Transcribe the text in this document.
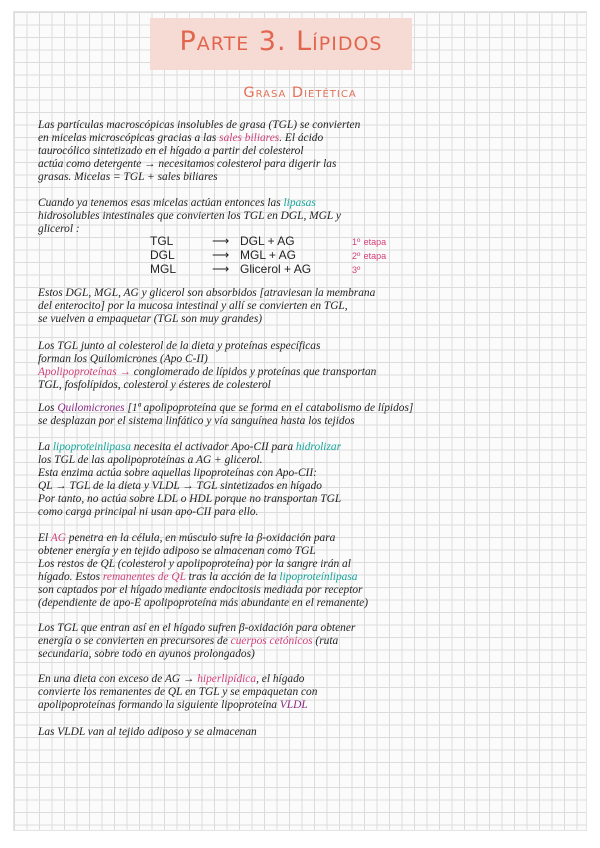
Parte 3. Lípidos
Grasa Dietética
Las partículas macroscópicas insolubles de grasa (TGL) se convierten
en micelas microscópicas gracias a las sales biliares. El ácido
taurocólico sintetizado en el hígado a partir del colesterol
actúa como detergente → necesitamos colesterol para digerir las
grasas. Micelas = TGL + sales biliares
Cuando ya tenemos esas micelas actúan entonces las lipasas
hidrosolubles intestinales que convierten los TGL en DGL, MGL y
glicerol :
TGL	⟶ DGL + AG	1º etapa
DGL	⟶ MGL + AG	2º etapa
MGL	⟶ Glicerol + AG	3º
Estos DGL, MGL, AG y glicerol son absorbidos [atraviesan la membrana
del enterocito] por la mucosa intestinal y allí se convierten en TGL,
se vuelven a empaquetar (TGL son muy grandes)
Los TGL junto al colesterol de la dieta y proteínas específicas
forman los Quilomicrones (Apo C-II)
Apolipoproteínas → conglomerado de lípidos y proteínas que transportan
TGL, fosfolípidos, colesterol y ésteres de colesterol
Los Quilomicrones [1ª apolipoproteína que se forma en el catabolismo de lípidos]
se desplazan por el sistema linfático y vía sanguínea hasta los tejidos
La lipoproteinlipasa necesita el activador Apo-CII para hidrolizar
los TGL de las apolipoproteínas a AG + glicerol.
Esta enzima actúa sobre aquellas lipoproteínas con Apo-CII:
QL → TGL de la dieta y VLDL → TGL sintetizados en hígado
Por tanto, no actúa sobre LDL o HDL porque no transportan TGL
como carga principal ni usan apo-CII para ello.
El AG penetra en la célula, en músculo sufre la β-oxidación para
obtener energía y en tejido adiposo se almacenan como TGL
Los restos de QL (colesterol y apolipoproteína) por la sangre irán al
hígado. Estos remanentes de QL tras la acción de la lipoproteínlipasa
son captados por el hígado mediante endocitosis mediada por receptor
(dependiente de apo-E apolipoproteína más abundante en el remanente)
Los TGL que entran así en el hígado sufren β-oxidación para obtener
energía o se convierten en precursores de cuerpos cetónicos (ruta
secundaria, sobre todo en ayunos prolongados)
En una dieta con exceso de AG → hiperlipídica, el hígado
convierte los remanentes de QL en TGL y se empaquetan con
apolipoproteínas formando la siguiente lipoproteína VLDL
Las VLDL van al tejido adiposo y se almacenan
